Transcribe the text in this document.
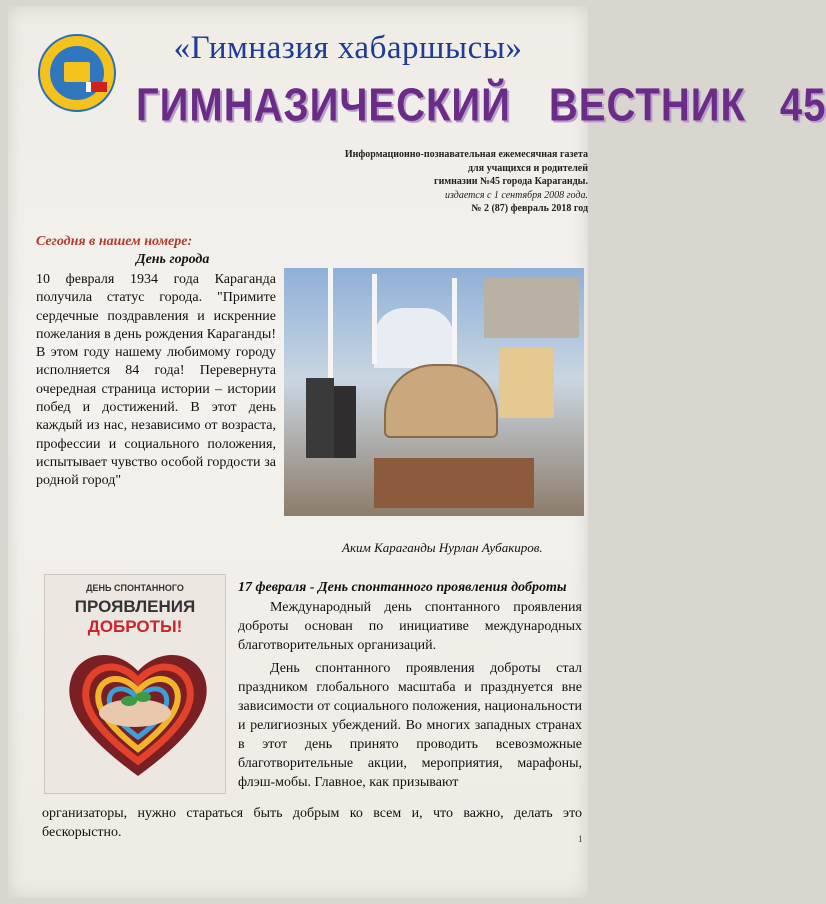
«Гимназия хабаршысы»
ГИМНАЗИЧЕСКИЙ ВЕСТНИК 45
Информационно-познавательная ежемесячная газета
для учащихся и родителей
гимназии №45 города Караганды.
издается с 1 сентября 2008 года.
№ 2 (87) февраль 2018 год
Сегодня в нашем номере:
День города
10 февраля 1934 года Караганда получила статус города. "Примите сердечные поздравления и искренние пожелания в день рождения Караганды! В этом году нашему любимому городу исполняется 84 года! Перевернута очередная страница истории – истории побед и достижений. В этот день каждый из нас, независимо от возраста, профессии и социального положения, испытывает чувство особой гордости за родной город"
Аким Караганды Нурлан Аубакиров.
ДЕНЬ СПОНТАННОГО
ПРОЯВЛЕНИЯ
ДОБРОТЫ!
17 февраля - День спонтанного проявления доброты

Международный день спонтанного проявления доброты основан по инициативе международных благотворительных организаций.

День спонтанного проявления доброты стал праздником глобального масштаба и празднуется вне зависимости от социального положения, национальности и религиозных убеждений. Во многих западных странах в этот день принято проводить всевозможные благотворительные акции, мероприятия, марафоны, флэш-мобы. Главное, как призывают

организаторы, нужно стараться быть добрым ко всем и, что важно, делать это бескорыстно.	1
